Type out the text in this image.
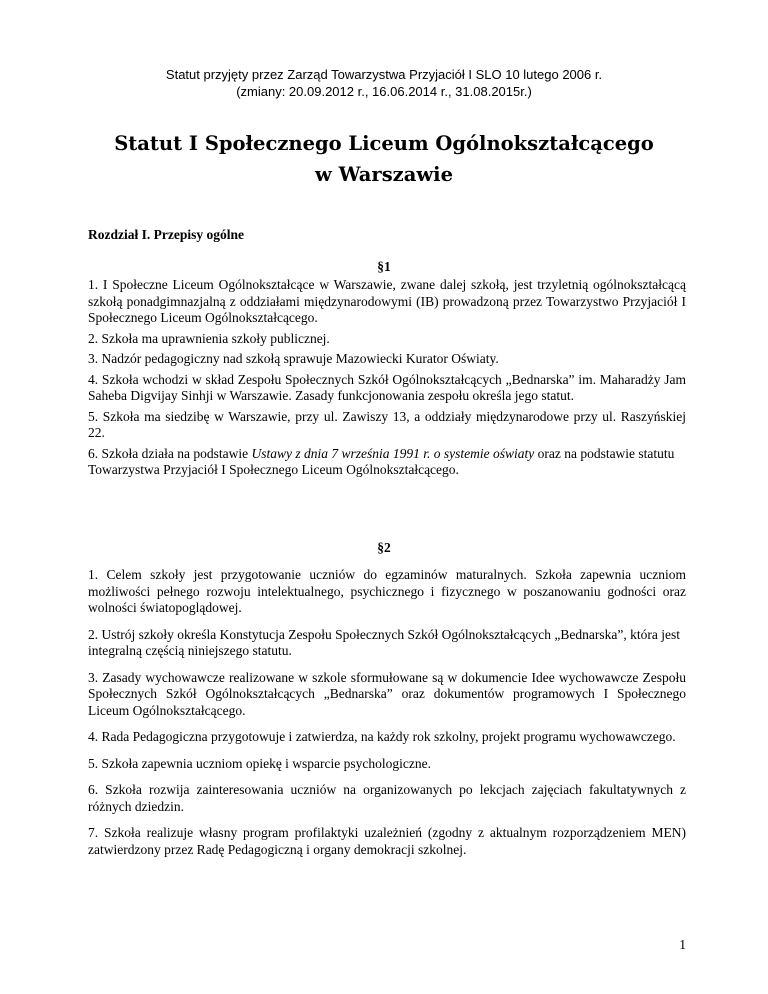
Statut przyjęty przez Zarząd Towarzystwa Przyjaciół I SLO 10 lutego 2006 r.
(zmiany: 20.09.2012 r., 16.06.2014 r., 31.08.2015r.)
Statut I Społecznego Liceum Ogólnokształcącego
w Warszawie
Rozdział I. Przepisy ogólne
§1

1. I Społeczne Liceum Ogólnokształcące w Warszawie, zwane dalej szkołą, jest trzyletnią ogólnokształcącą szkołą ponadgimnazjalną z oddziałami międzynarodowymi (IB) prowadzoną przez Towarzystwo Przyjaciół I Społecznego Liceum Ogólnokształcącego.

2. Szkoła ma uprawnienia szkoły publicznej.

3. Nadzór pedagogiczny nad szkołą sprawuje Mazowiecki Kurator Oświaty.

4. Szkoła wchodzi w skład Zespołu Społecznych Szkół Ogólnokształcących „Bednarska” im. Maharadży Jam Saheba Digvijay Sinhji w Warszawie. Zasady funkcjonowania zespołu określa jego statut.

5. Szkoła ma siedzibę w Warszawie, przy ul. Zawiszy 13, a oddziały międzynarodowe przy ul. Raszyńskiej 22.

6. Szkoła działa na podstawie Ustawy z dnia 7 września 1991 r. o systemie oświaty oraz na podstawie statutu Towarzystwa Przyjaciół I Społecznego Liceum Ogólnokształcącego.

§2

1. Celem szkoły jest przygotowanie uczniów do egzaminów maturalnych. Szkoła zapewnia uczniom możliwości pełnego rozwoju intelektualnego, psychicznego i fizycznego w poszanowaniu godności oraz wolności światopoglądowej.

2. Ustrój szkoły określa Konstytucja Zespołu Społecznych Szkół Ogólnokształcących „Bednarska”, która jest integralną częścią niniejszego statutu.

3. Zasady wychowawcze realizowane w szkole sformułowane są w dokumencie Idee wychowawcze Zespołu Społecznych Szkół Ogólnokształcących „Bednarska” oraz dokumentów programowych I Społecznego Liceum Ogólnokształcącego.

4. Rada Pedagogiczna przygotowuje i zatwierdza, na każdy rok szkolny, projekt programu wychowawczego.

5. Szkoła zapewnia uczniom opiekę i wsparcie psychologiczne.

6. Szkoła rozwija zainteresowania uczniów na organizowanych po lekcjach zajęciach fakultatywnych z różnych dziedzin.

7. Szkoła realizuje własny program profilaktyki uzależnień (zgodny z aktualnym rozporządzeniem MEN) zatwierdzony przez Radę Pedagogiczną i organy demokracji szkolnej.

1
